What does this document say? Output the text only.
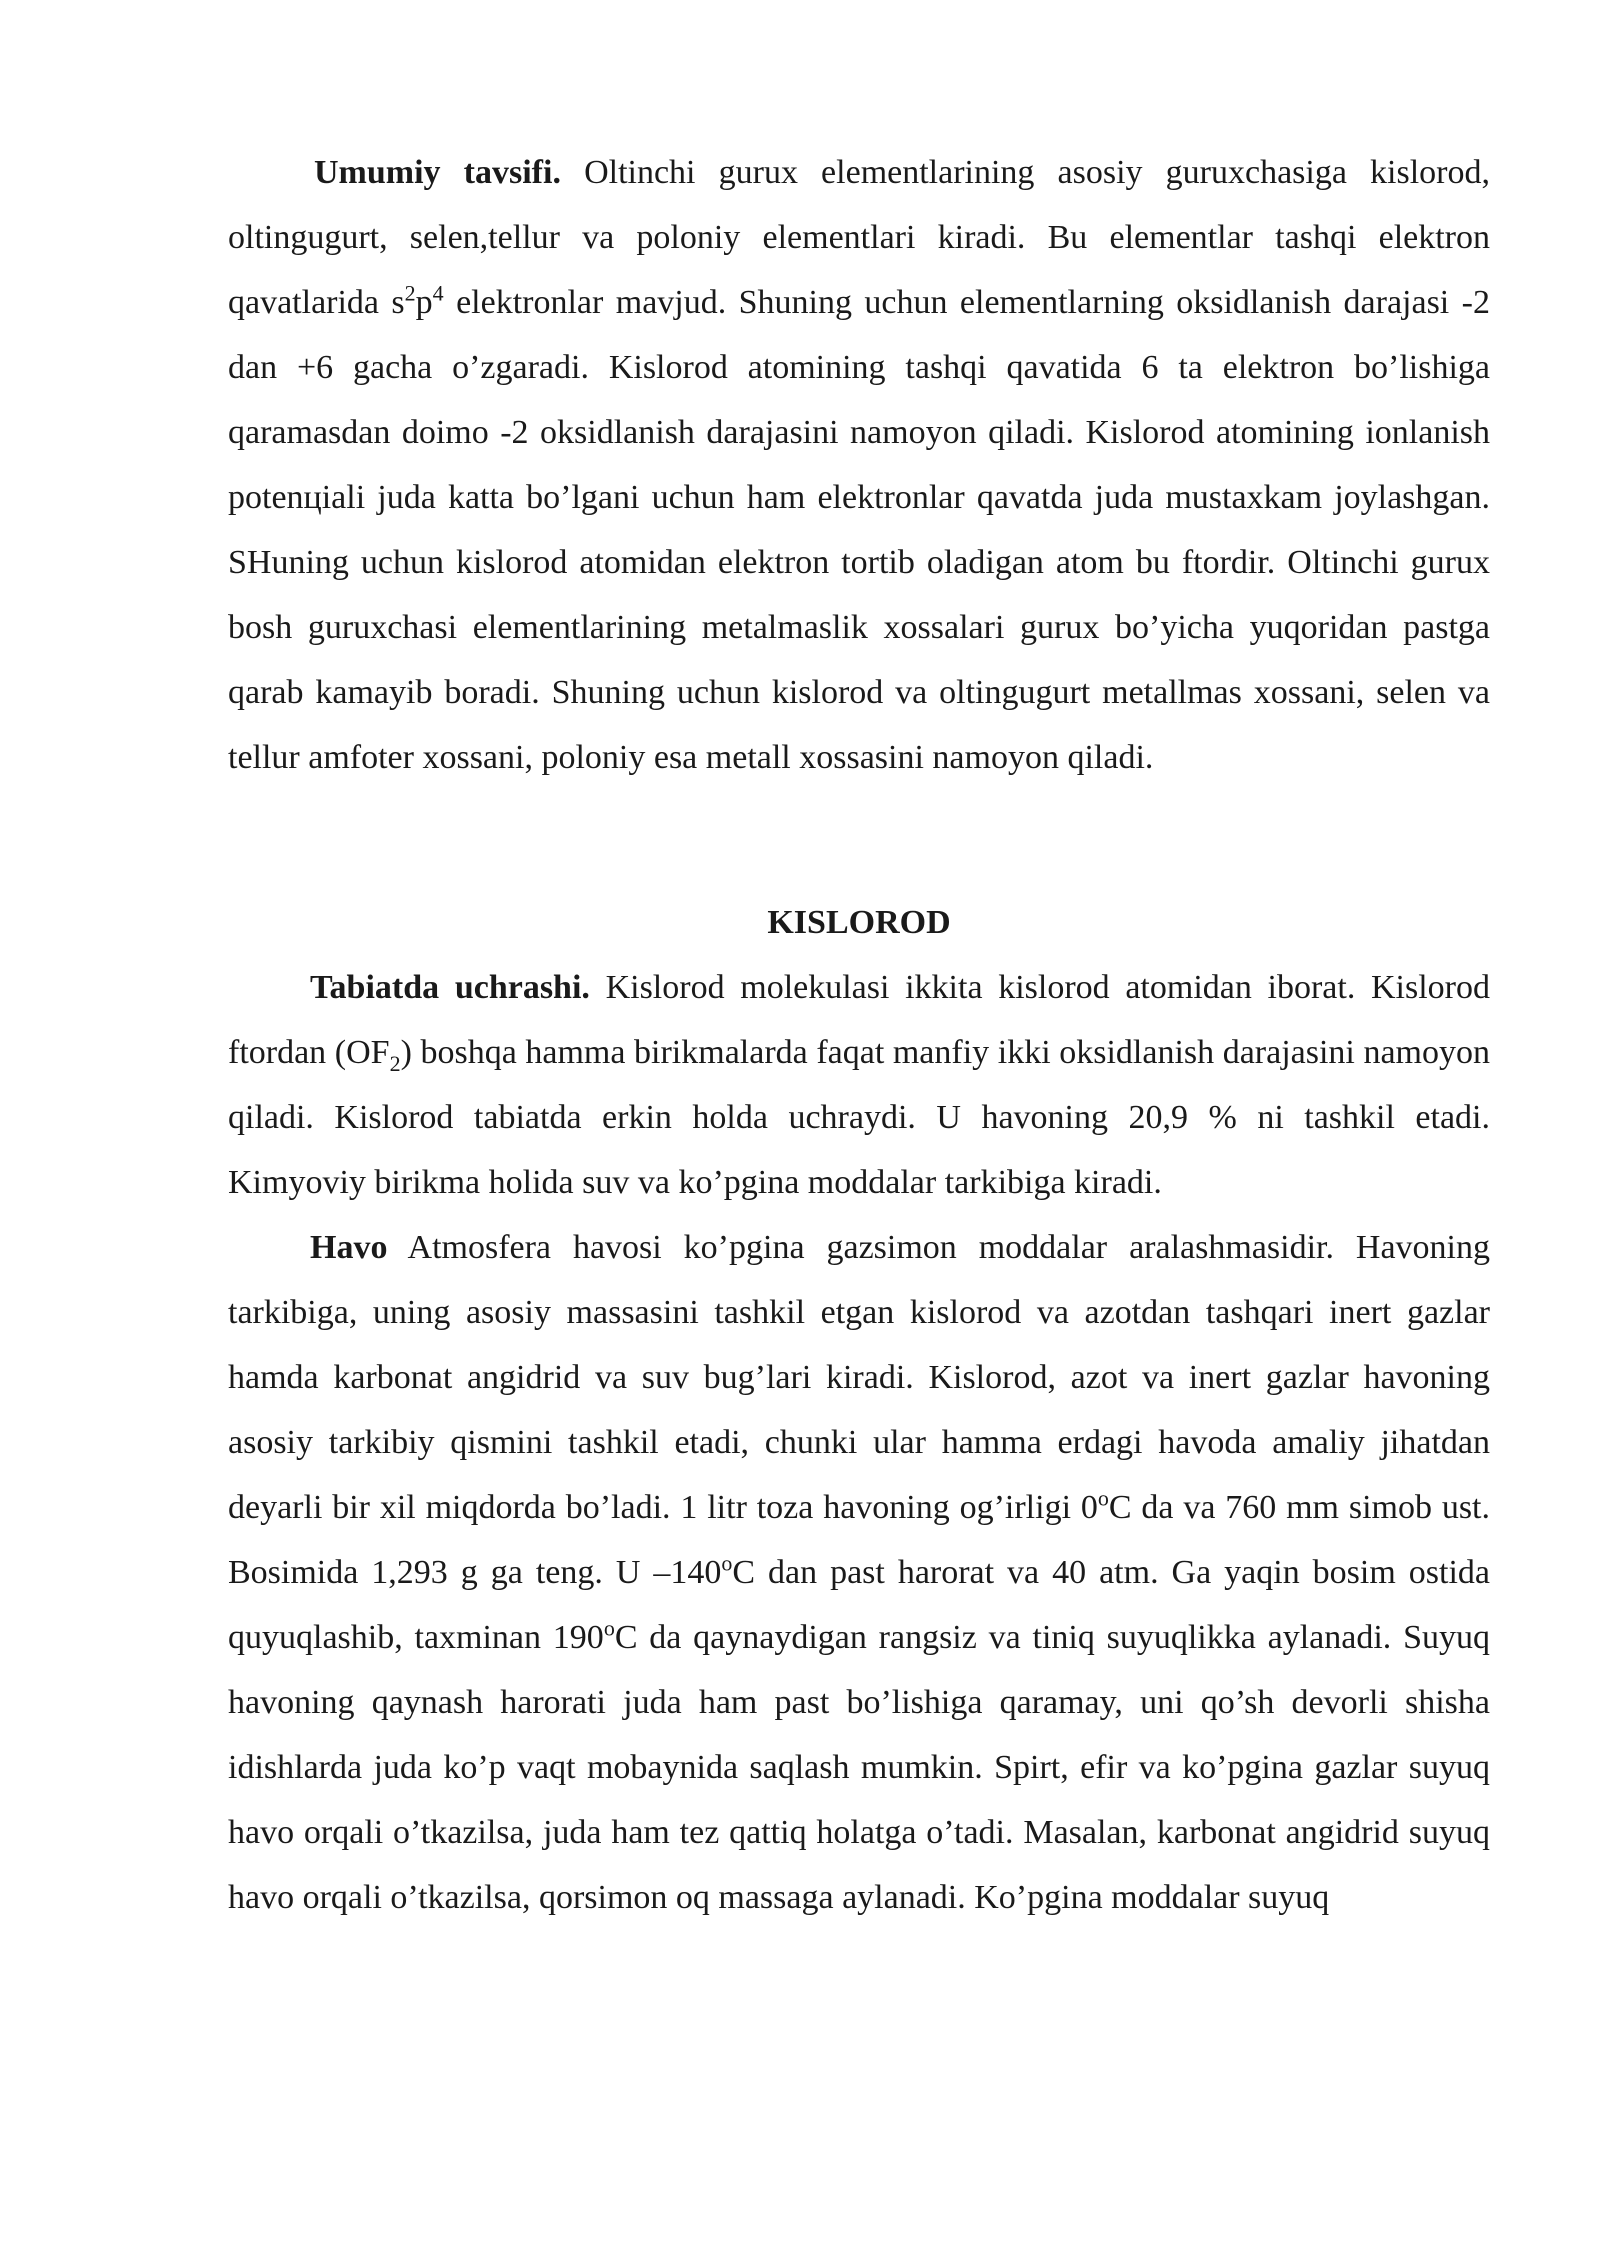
Umumiy tavsifi. Oltinchi gurux elementlarining asosiy guruxchasiga kislorod, oltingugurt, selen,tellur va poloniy elementlari kiradi. Bu elementlar tashqi elektron qavatlarida $s^2p^4$ elektronlar mavjud. Shuning uchun elementlarning oksidlanish darajasi -2 dan +6 gacha o’zgaradi. Kislorod atomining tashqi qavatida 6 ta elektron bo’lishiga qaramasdan doimo -2 oksidlanish darajasini namoyon qiladi. Kislorod atomining ionlanish potenцiali juda katta bo’lgani uchun ham elektronlar qavatda juda mustaxkam joylashgan. SHuning uchun kislorod atomidan elektron tortib oladigan atom bu ftordir. Oltinchi gurux bosh guruxchasi elementlarining metalmaslik xossalari gurux bo’yicha yuqoridan pastga qarab kamayib boradi. Shuning uchun kislorod va oltingugurt metallmas xossani, selen va tellur amfoter xossani, poloniy esa metall xossasini namoyon qiladi.

KISLOROD

Tabiatda uchrashi. Kislorod molekulasi ikkita kislorod atomidan iborat. Kislorod ftordan $(OF_2)$ boshqa hamma birikmalarda faqat manfiy ikki oksidlanish darajasini namoyon qiladi. Kislorod tabiatda erkin holda uchraydi. U havoning 20,9 % ni tashkil etadi. Kimyoviy birikma holida suv va ko’pgina moddalar tarkibiga kiradi.

Havo Atmosfera havosi ko’pgina gazsimon moddalar aralashmasidir. Havoning tarkibiga, uning asosiy massasini tashkil etgan kislorod va azotdan tashqari inert gazlar hamda karbonat angidrid va suv bug’lari kiradi. Kislorod, azot va inert gazlar havoning asosiy tarkibiy qismini tashkil etadi, chunki ular hamma erdagi havoda amaliy jihatdan deyarli bir xil miqdorda bo’ladi. 1 litr toza havoning og’irligi 0$^o$C da va 760 mm simob ust. Bosimida 1,293 g ga teng. U –140$^o$C dan past harorat va 40 atm. Ga yaqin bosim ostida quyuqlashib, taxminan 190$^o$C da qaynaydigan rangsiz va tiniq suyuqlikka aylanadi. Suyuq havoning qaynash harorati juda ham past bo’lishiga qaramay, uni qo’sh devorli shisha idishlarda juda ko’p vaqt mobaynida saqlash mumkin. Spirt, efir va ko’pgina gazlar suyuq havo orqali o’tkazilsa, juda ham tez qattiq holatga o’tadi. Masalan, karbonat angidrid suyuq havo orqali o’tkazilsa, qorsimon oq massaga aylanadi. Ko’pgina moddalar suyuq
